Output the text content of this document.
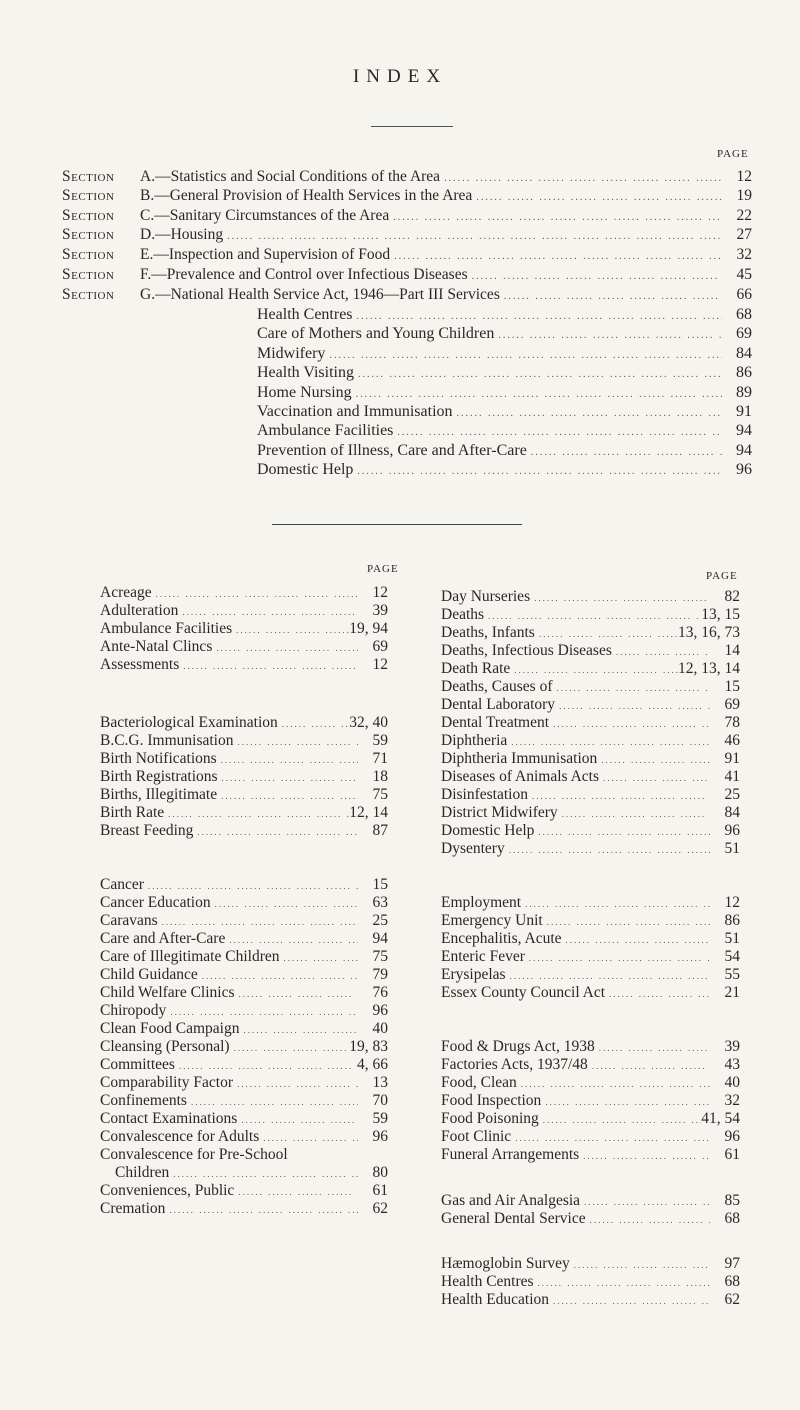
INDEX
PAGE
Section	A.—Statistics and Social Conditions of the Area .....	12
Section	B.—General Provision of Health Services in the Area .....	19
Section	C.—Sanitary Circumstances of the Area .....	22
Section	D.—Housing .....	27
Section	E.—Inspection and Supervision of Food .....	32
Section	F.—Prevalence and Control over Infectious Diseases .....	45
Section	G.—National Health Service Act, 1946—Part III Services .....	66
Health Centres .....	68
Care of Mothers and Young Children .....	69
Midwifery .....	84
Health Visiting .....	86
Home Nursing .....	89
Vaccination and Immunisation .....	91
Ambulance Facilities .....	94
Prevention of Illness, Care and After-Care .....	94
Domestic Help .....	96
PAGE
PAGE
Acreage .....	12
Adulteration .....	39
Ambulance Facilities .....	19, 94
Ante-Natal Clincs .....	69
Assessments .....	12
Bacteriological Examination .....	32, 40
B.C.G. Immunisation .....	59
Birth Notifications .....	71
Birth Registrations .....	18
Births, Illegitimate .....	75
Birth Rate .....	12, 14
Breast Feeding .....	87
Cancer .....	15
Cancer Education .....	63
Caravans .....	25
Care and After-Care .....	94
Care of Illegitimate Children .....	75
Child Guidance .....	79
Child Welfare Clinics .....	76
Chiropody .....	96
Clean Food Campaign .....	40
Cleansing (Personal) .....	19, 83
Committees .....	4, 66
Comparability Factor .....	13
Confinements .....	70
Contact Examinations .....	59
Convalescence for Adults .....	96
Convalescence for Pre-School
Children .....	80
Conveniences, Public .....	61
Cremation .....	62
Day Nurseries .....	82
Deaths .....	13, 15
Deaths, Infants .....	13, 16, 73
Deaths, Infectious Diseases .....	14
Death Rate .....	12, 13, 14
Deaths, Causes of .....	15
Dental Laboratory .....	69
Dental Treatment .....	78
Diphtheria .....	46
Diphtheria Immunisation .....	91
Diseases of Animals Acts .....	41
Disinfestation .....	25
District Midwifery .....	84
Domestic Help .....	96
Dysentery .....	51
Employment .....	12
Emergency Unit .....	86
Encephalitis, Acute .....	51
Enteric Fever .....	54
Erysipelas .....	55
Essex County Council Act .....	21
Food & Drugs Act, 1938 .....	39
Factories Acts, 1937/48 .....	43
Food, Clean .....	40
Food Inspection .....	32
Food Poisoning .....	41, 54
Foot Clinic .....	96
Funeral Arrangements .....	61
Gas and Air Analgesia .....	85
General Dental Service .....	68
Hæmoglobin Survey .....	97
Health Centres .....	68
Health Education .....	62
